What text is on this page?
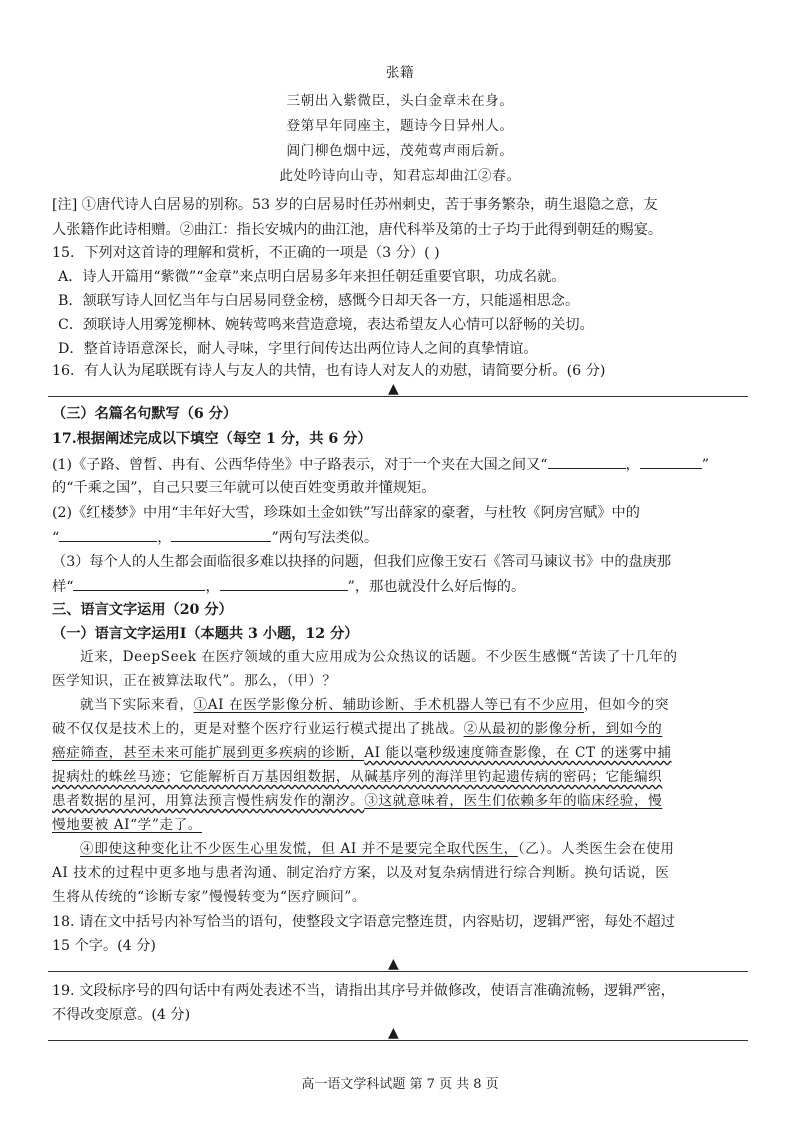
张籍
三朝出入紫微臣，头白金章未在身。
登第早年同座主，题诗今日异州人。
阊门柳色烟中远，茂苑莺声雨后新。
此处吟诗向山寺，知君忘却曲江②春。
[注] ①唐代诗人白居易的别称。53 岁的白居易时任苏州刺史，苦于事务繁杂，萌生退隐之意，友
人张籍作此诗相赠。②曲江：指长安城内的曲江池，唐代科举及第的士子均于此得到朝廷的赐宴。
15．下列对这首诗的理解和赏析，不正确的一项是（3 分）( )
A．诗人开篇用“紫微”“金章”来点明白居易多年来担任朝廷重要官职，功成名就。
B．颔联写诗人回忆当年与白居易同登金榜，感慨今日却天各一方，只能遥相思念。
C．颈联诗人用雾笼柳林、婉转莺鸣来营造意境，表达希望友人心情可以舒畅的关切。
D．整首诗语意深长，耐人寻味，字里行间传达出两位诗人之间的真挚情谊。
16．有人认为尾联既有诗人与友人的共情，也有诗人对友人的劝慰，请简要分析。(6 分)
▲
（三）名篇名句默写（6 分）
17.根据阐述完成以下填空（每空 1 分，共 6 分）
(1)《子路、曾晳、冉有、公西华侍坐》中子路表示，对于一个夹在大国之间又“	，	”
的“千乘之国”，自己只要三年就可以使百姓变勇敢并懂规矩。
(2)《红楼梦》中用“丰年好大雪，珍珠如土金如铁”写出薛家的豪奢，与杜牧《阿房宫赋》中的
“	，	”两句写法类似。
（3）每个人的人生都会面临很多难以抉择的问题，但我们应像王安石《答司马谏议书》中的盘庚那
样“	，	”，那也就没什么好后悔的。
三、语言文字运用（20 分）
（一）语言文字运用Ⅰ（本题共 3 小题，12 分）
近来，DeepSeek 在医疗领域的重大应用成为公众热议的话题。不少医生感慨“苦读了十几年的
医学知识，正在被算法取代”。那么，（甲）？
就当下实际来看，①AI 在医学影像分析、辅助诊断、手术机器人等已有不少应用，但如今的突
破不仅仅是技术上的，更是对整个医疗行业运行模式提出了挑战。②从最初的影像分析，到如今的
癌症筛查，甚至未来可能扩展到更多疾病的诊断，AI 能以毫秒级速度筛查影像，在 CT 的迷雾中捕
捉病灶的蛛丝马迹；它能解析百万基因组数据，从碱基序列的海洋里钓起遗传病的密码；它能编织
患者数据的星河，用算法预言慢性病发作的潮汐。③这就意味着，医生们依赖多年的临床经验，慢
慢地要被 AI“学”走了。
④即使这种变化让不少医生心里发慌，但 AI 并不是要完全取代医生，（乙）。人类医生会在使用
AI 技术的过程中更多地与患者沟通、制定治疗方案，以及对复杂病情进行综合判断。换句话说，医
生将从传统的“诊断专家”慢慢转变为“医疗顾问”。
18. 请在文中括号内补写恰当的语句，使整段文字语意完整连贯，内容贴切，逻辑严密，每处不超过
15 个字。(4 分)
▲
19. 文段标序号的四句话中有两处表述不当，请指出其序号并做修改，使语言准确流畅，逻辑严密，
不得改变原意。(4 分)
▲
高一语文学科试题 第 7 页 共 8 页
